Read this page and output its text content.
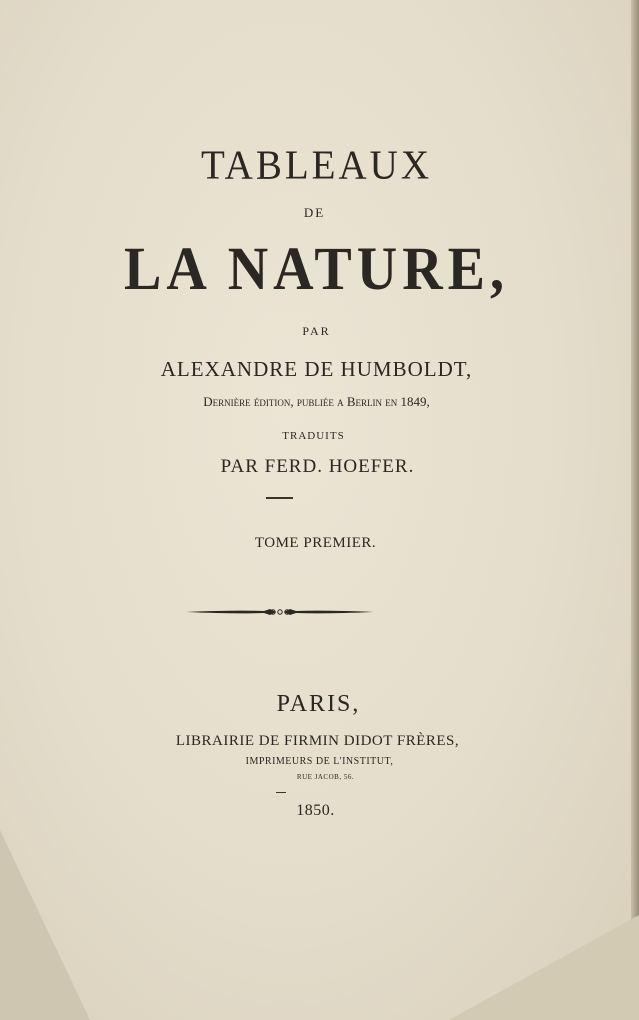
TABLEAUX
DE
LA NATURE,
PAR
ALEXANDRE DE HUMBOLDT,
Dernière édition, publiée a Berlin en 1849,
TRADUITS
PAR FERD. HOEFER.
TOME PREMIER.
PARIS,
LIBRAIRIE DE FIRMIN DIDOT FRÈRES,
IMPRIMEURS DE L'INSTITUT,
RUE JACOB, 56.
1850.
